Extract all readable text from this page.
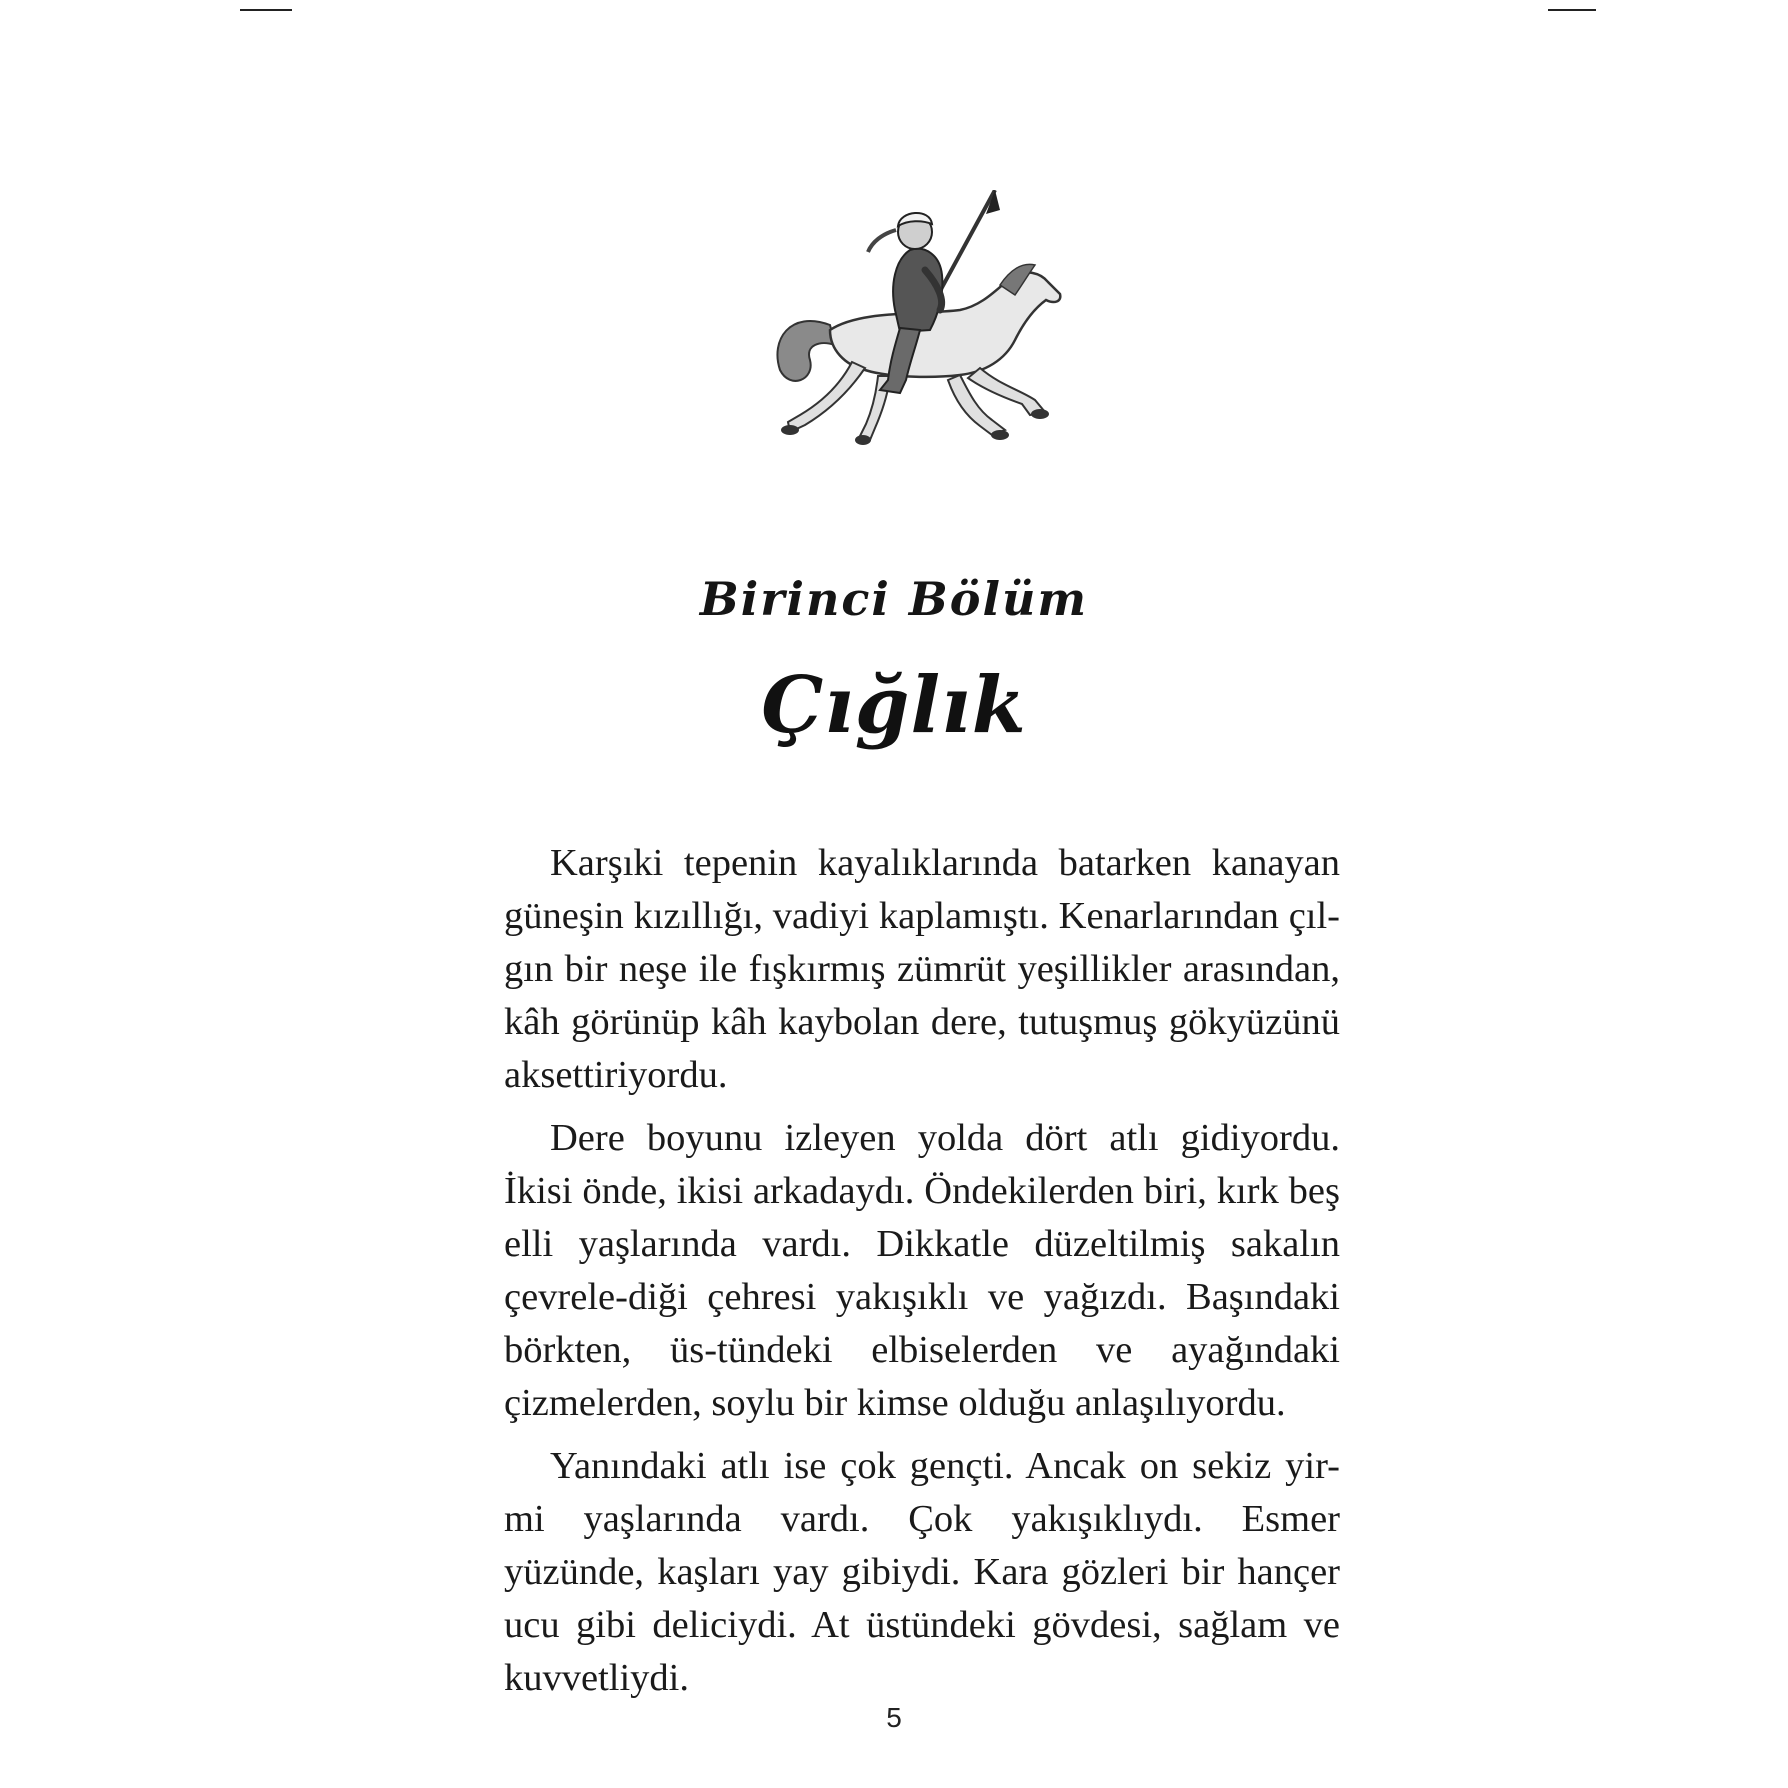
Birinci Bölüm
Çığlık

Karşıki tepenin kayalıklarında batarken kanayan güneşin kızıllığı, vadiyi kaplamıştı. Kenarlarından çıl-gın bir neşe ile fışkırmış zümrüt yeşillikler arasından, kâh görünüp kâh kaybolan dere, tutuşmuş gökyüzünü aksettiriyordu.

Dere boyunu izleyen yolda dört atlı gidiyordu. İkisi önde, ikisi arkadaydı. Öndekilerden biri, kırk beş elli yaşlarında vardı. Dikkatle düzeltilmiş sakalın çevrele-diği çehresi yakışıklı ve yağızdı. Başındaki börkten, üs-tündeki elbiselerden ve ayağındaki çizmelerden, soylu bir kimse olduğu anlaşılıyordu.

Yanındaki atlı ise çok gençti. Ancak on sekiz yir-mi yaşlarında vardı. Çok yakışıklıydı. Esmer yüzünde, kaşları yay gibiydi. Kara gözleri bir hançer ucu gibi deliciydi. At üstündeki gövdesi, sağlam ve kuvvetliydi.

5
